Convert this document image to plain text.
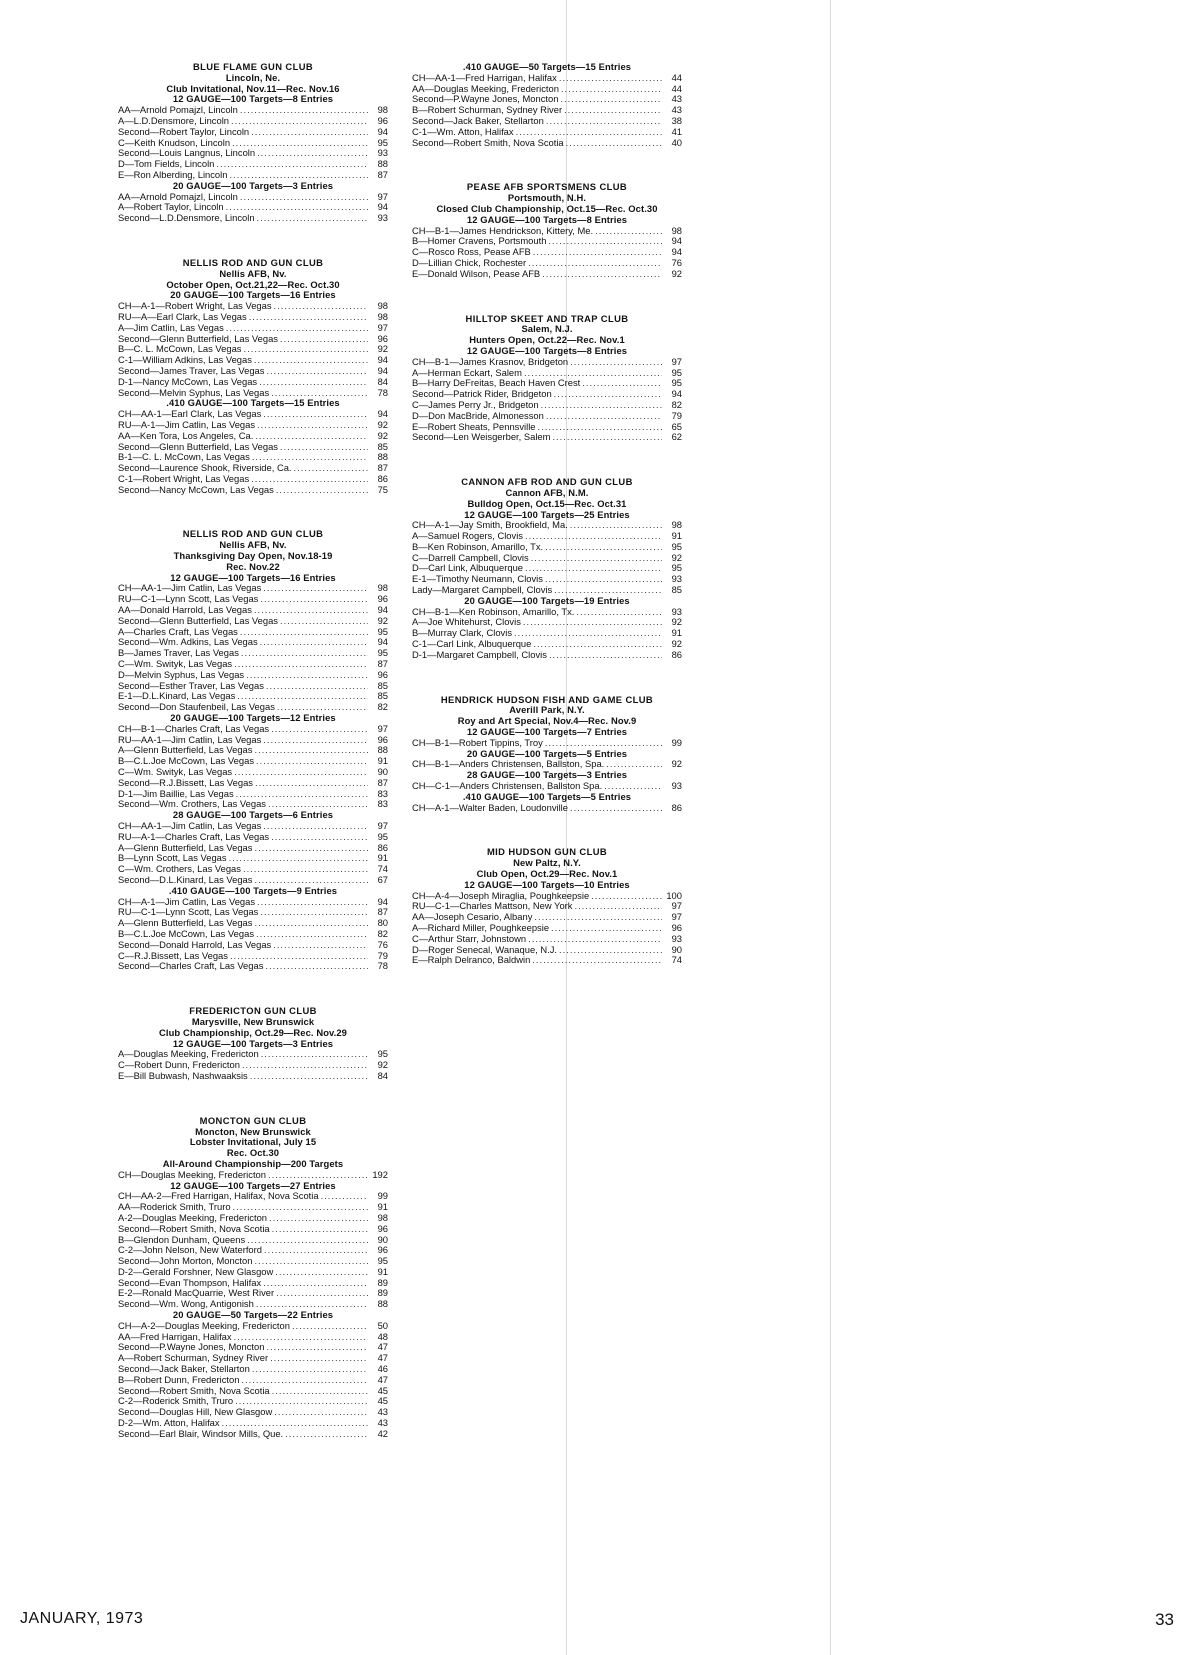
BLUE FLAME GUN CLUB
Lincoln, Ne.
Club Invitational, Nov.11—Rec. Nov.16
12 GAUGE—100 Targets—8 Entries
AA—Arnold Pomajzl, Lincoln .....	98
A—L.D.Densmore, Lincoln .....	96
Second—Robert Taylor, Lincoln .....	94
C—Keith Knudson, Lincoln .....	95
Second—Louis Langnus, Lincoln .....	93
D—Tom Fields, Lincoln .....	88
E—Ron Alberding, Lincoln .....	87
20 GAUGE—100 Targets—3 Entries
AA—Arnold Pomajzl, Lincoln .....	97
A—Robert Taylor, Lincoln .....	94
Second—L.D.Densmore, Lincoln .....	93
NELLIS ROD AND GUN CLUB
Nellis AFB, Nv.
October Open, Oct.21,22—Rec. Oct.30
20 GAUGE—100 Targets—16 Entries
CH—A-1—Robert Wright, Las Vegas .....	98
RU—A—Earl Clark, Las Vegas .....	98
A—Jim Catlin, Las Vegas .....	97
Second—Glenn Butterfield, Las Vegas .....	96
B—C. L. McCown, Las Vegas .....	92
C-1—William Adkins, Las Vegas .....	94
Second—James Traver, Las Vegas .....	94
D-1—Nancy McCown, Las Vegas .....	84
Second—Melvin Syphus, Las Vegas .....	78
.410 GAUGE—100 Targets—15 Entries
CH—AA-1—Earl Clark, Las Vegas .....	94
RU—A-1—Jim Catlin, Las Vegas .....	92
AA—Ken Tora, Los Angeles, Ca. .....	92
Second—Glenn Butterfield, Las Vegas .....	85
B-1—C. L. McCown, Las Vegas .....	88
Second—Laurence Shook, Riverside, Ca. .....	87
C-1—Robert Wright, Las Vegas .....	86
Second—Nancy McCown, Las Vegas .....	75
NELLIS ROD AND GUN CLUB
Nellis AFB, Nv.
Thanksgiving Day Open, Nov.18-19
Rec. Nov.22
12 GAUGE—100 Targets—16 Entries
CH—AA-1—Jim Catlin, Las Vegas .....	98
RU—C-1—Lynn Scott, Las Vegas .....	96
AA—Donald Harrold, Las Vegas .....	94
Second—Glenn Butterfield, Las Vegas .....	92
A—Charles Craft, Las Vegas .....	95
Second—Wm. Adkins, Las Vegas .....	94
B—James Traver, Las Vegas .....	95
C—Wm. Swityk, Las Vegas .....	87
D—Melvin Syphus, Las Vegas .....	96
Second—Esther Traver, Las Vegas .....	85
E-1—D.L.Kinard, Las Vegas .....	85
Second—Don Staufenbeil, Las Vegas .....	82
20 GAUGE—100 Targets—12 Entries
CH—B-1—Charles Craft, Las Vegas .....	97
RU—AA-1—Jim Catlin, Las Vegas .....	96
A—Glenn Butterfield, Las Vegas .....	88
B—C.L.Joe McCown, Las Vegas .....	91
C—Wm. Swityk, Las Vegas .....	90
Second—R.J.Bissett, Las Vegas .....	87
D-1—Jim Baillie, Las Vegas .....	83
Second—Wm. Crothers, Las Vegas .....	83
28 GAUGE—100 Targets—6 Entries
CH—AA-1—Jim Catlin, Las Vegas .....	97
RU—A-1—Charles Craft, Las Vegas .....	95
A—Glenn Butterfield, Las Vegas .....	86
B—Lynn Scott, Las Vegas .....	91
C—Wm. Crothers, Las Vegas .....	74
Second—D.L.Kinard, Las Vegas .....	67
.410 GAUGE—100 Targets—9 Entries
CH—A-1—Jim Catlin, Las Vegas .....	94
RU—C-1—Lynn Scott, Las Vegas .....	87
A—Glenn Butterfield, Las Vegas .....	80
B—C.L.Joe McCown, Las Vegas .....	82
Second—Donald Harrold, Las Vegas .....	76
C—R.J.Bissett, Las Vegas .....	79
Second—Charles Craft, Las Vegas .....	78
FREDERICTON GUN CLUB
Marysville, New Brunswick
Club Championship, Oct.29—Rec. Nov.29
12 GAUGE—100 Targets—3 Entries
A—Douglas Meeking, Fredericton .....	95
C—Robert Dunn, Fredericton .....	92
E—Bill Bubwash, Nashwaaksis .....	84
MONCTON GUN CLUB
Moncton, New Brunswick
Lobster Invitational, July 15
Rec. Oct.30
All-Around Championship—200 Targets
CH—Douglas Meeking, Fredericton .....	192
12 GAUGE—100 Targets—27 Entries
CH—AA-2—Fred Harrigan, Halifax, Nova Scotia .....	99
AA—Roderick Smith, Truro .....	91
A-2—Douglas Meeking, Fredericton .....	98
Second—Robert Smith, Nova Scotia .....	96
B—Glendon Dunham, Queens .....	90
C-2—John Nelson, New Waterford .....	96
Second—John Morton, Moncton .....	95
D-2—Gerald Forshner, New Glasgow .....	91
Second—Evan Thompson, Halifax .....	89
E-2—Ronald MacQuarrie, West River .....	89
Second—Wm. Wong, Antigonish .....	88
20 GAUGE—50 Targets—22 Entries
CH—A-2—Douglas Meeking, Fredericton .....	50
AA—Fred Harrigan, Halifax .....	48
Second—P.Wayne Jones, Moncton .....	47
A—Robert Schurman, Sydney River .....	47
Second—Jack Baker, Stellarton .....	46
B—Robert Dunn, Fredericton .....	47
Second—Robert Smith, Nova Scotia .....	45
C-2—Roderick Smith, Truro .....	45
Second—Douglas Hill, New Glasgow .....	43
D-2—Wm. Atton, Halifax .....	43
Second—Earl Blair, Windsor Mills, Que. .....	42
.410 GAUGE—50 Targets—15 Entries
CH—AA-1—Fred Harrigan, Halifax .....	44
AA—Douglas Meeking, Fredericton .....	44
Second—P.Wayne Jones, Moncton .....	43
B—Robert Schurman, Sydney River .....	43
Second—Jack Baker, Stellarton .....	38
C-1—Wm. Atton, Halifax .....	41
Second—Robert Smith, Nova Scotia .....	40
PEASE AFB SPORTSMENS CLUB
Portsmouth, N.H.
Closed Club Championship, Oct.15—Rec. Oct.30
12 GAUGE—100 Targets—8 Entries
CH—B-1—James Hendrickson, Kittery, Me. .....	98
B—Homer Cravens, Portsmouth .....	94
C—Rosco Ross, Pease AFB .....	94
D—Lillian Chick, Rochester .....	76
E—Donald Wilson, Pease AFB .....	92
HILLTOP SKEET AND TRAP CLUB
Salem, N.J.
Hunters Open, Oct.22—Rec. Nov.1
12 GAUGE—100 Targets—8 Entries
CH—B-1—James Krasnov, Bridgeton .....	97
A—Herman Eckart, Salem .....	95
B—Harry DeFreitas, Beach Haven Crest .....	95
Second—Patrick Rider, Bridgeton .....	94
C—James Perry Jr., Bridgeton .....	82
D—Don MacBride, Almonesson .....	79
E—Robert Sheats, Pennsville .....	65
Second—Len Weisgerber, Salem .....	62
CANNON AFB ROD AND GUN CLUB
Cannon AFB, N.M.
Bulldog Open, Oct.15—Rec. Oct.31
12 GAUGE—100 Targets—25 Entries
CH—A-1—Jay Smith, Brookfield, Ma. .....	98
A—Samuel Rogers, Clovis .....	91
B—Ken Robinson, Amarillo, Tx. .....	95
C—Darrell Campbell, Clovis .....	92
D—Carl Link, Albuquerque .....	95
E-1—Timothy Neumann, Clovis .....	93
Lady—Margaret Campbell, Clovis .....	85
20 GAUGE—100 Targets—19 Entries
CH—B-1—Ken Robinson, Amarillo, Tx. .....	93
A—Joe Whitehurst, Clovis .....	92
B—Murray Clark, Clovis .....	91
C-1—Carl Link, Albuquerque .....	92
D-1—Margaret Campbell, Clovis .....	86
HENDRICK HUDSON FISH AND GAME CLUB
Averill Park, N.Y.
Roy and Art Special, Nov.4—Rec. Nov.9
12 GAUGE—100 Targets—7 Entries
CH—B-1—Robert Tippins, Troy .....	99
20 GAUGE—100 Targets—5 Entries
CH—B-1—Anders Christensen, Ballston, Spa. .....	92
28 GAUGE—100 Targets—3 Entries
CH—C-1—Anders Christensen, Ballston Spa. .....	93
.410 GAUGE—100 Targets—5 Entries
CH—A-1—Walter Baden, Loudonville .....	86
MID HUDSON GUN CLUB
New Paltz, N.Y.
Club Open, Oct.29—Rec. Nov.1
12 GAUGE—100 Targets—10 Entries
CH—A-4—Joseph Miraglia, Poughkeepsie .....	100
RU—C-1—Charles Mattson, New York .....	97
AA—Joseph Cesario, Albany .....	97
A—Richard Miller, Poughkeepsie .....	96
C—Arthur Starr, Johnstown .....	93
D—Roger Senecal, Wanaque, N.J. .....	90
E—Ralph Delranco, Baldwin .....	74
JANUARY, 1973	33
